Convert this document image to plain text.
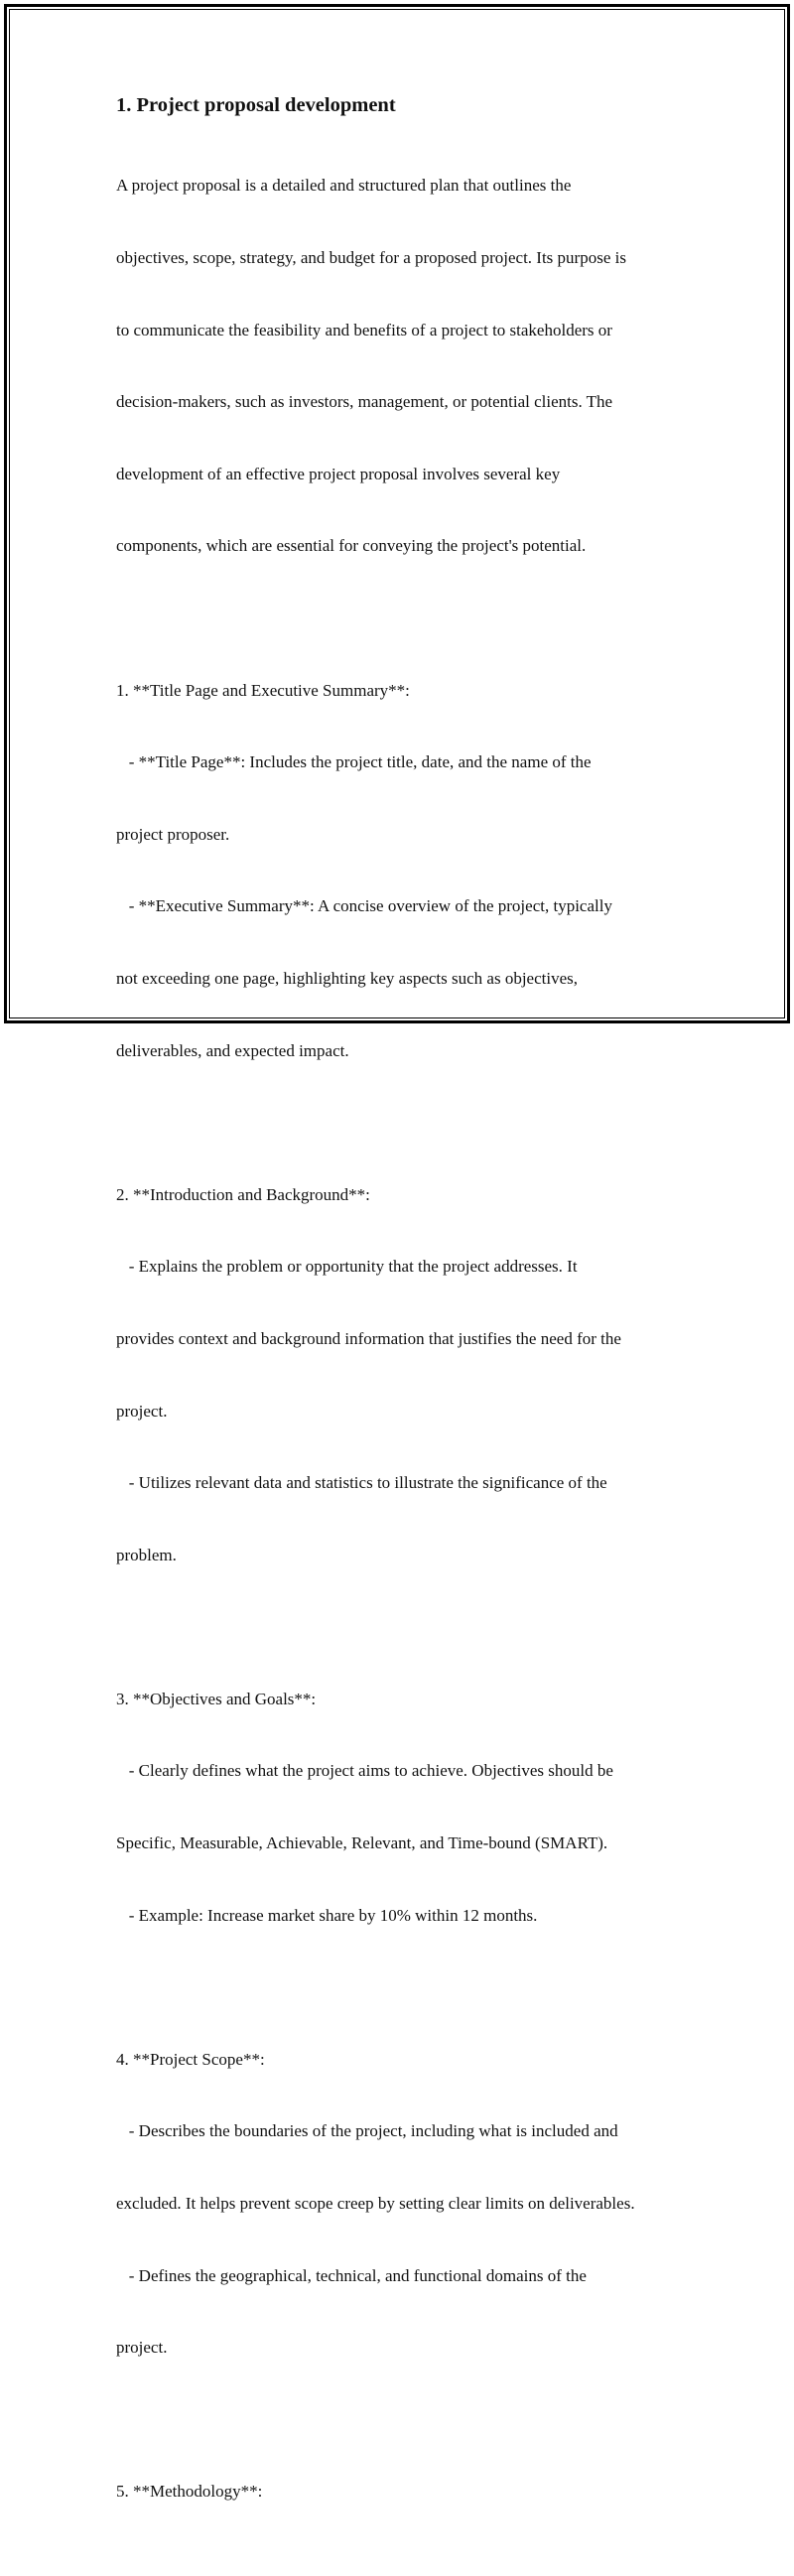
1. Project proposal development

A project proposal is a detailed and structured plan that outlines the

objectives, scope, strategy, and budget for a proposed project. Its purpose is

to communicate the feasibility and benefits of a project to stakeholders or

decision-makers, such as investors, management, or potential clients. The

development of an effective project proposal involves several key

components, which are essential for conveying the project's potential.

1. **Title Page and Executive Summary**:

- **Title Page**: Includes the project title, date, and the name of the

project proposer.

- **Executive Summary**: A concise overview of the project, typically

not exceeding one page, highlighting key aspects such as objectives,

deliverables, and expected impact.

2. **Introduction and Background**:

- Explains the problem or opportunity that the project addresses. It

provides context and background information that justifies the need for the

project.

- Utilizes relevant data and statistics to illustrate the significance of the

problem.

3. **Objectives and Goals**:

- Clearly defines what the project aims to achieve. Objectives should be

Specific, Measurable, Achievable, Relevant, and Time-bound (SMART).

- Example: Increase market share by 10% within 12 months.

4. **Project Scope**:

- Describes the boundaries of the project, including what is included and

excluded. It helps prevent scope creep by setting clear limits on deliverables.

- Defines the geographical, technical, and functional domains of the

project.

5. **Methodology**:
